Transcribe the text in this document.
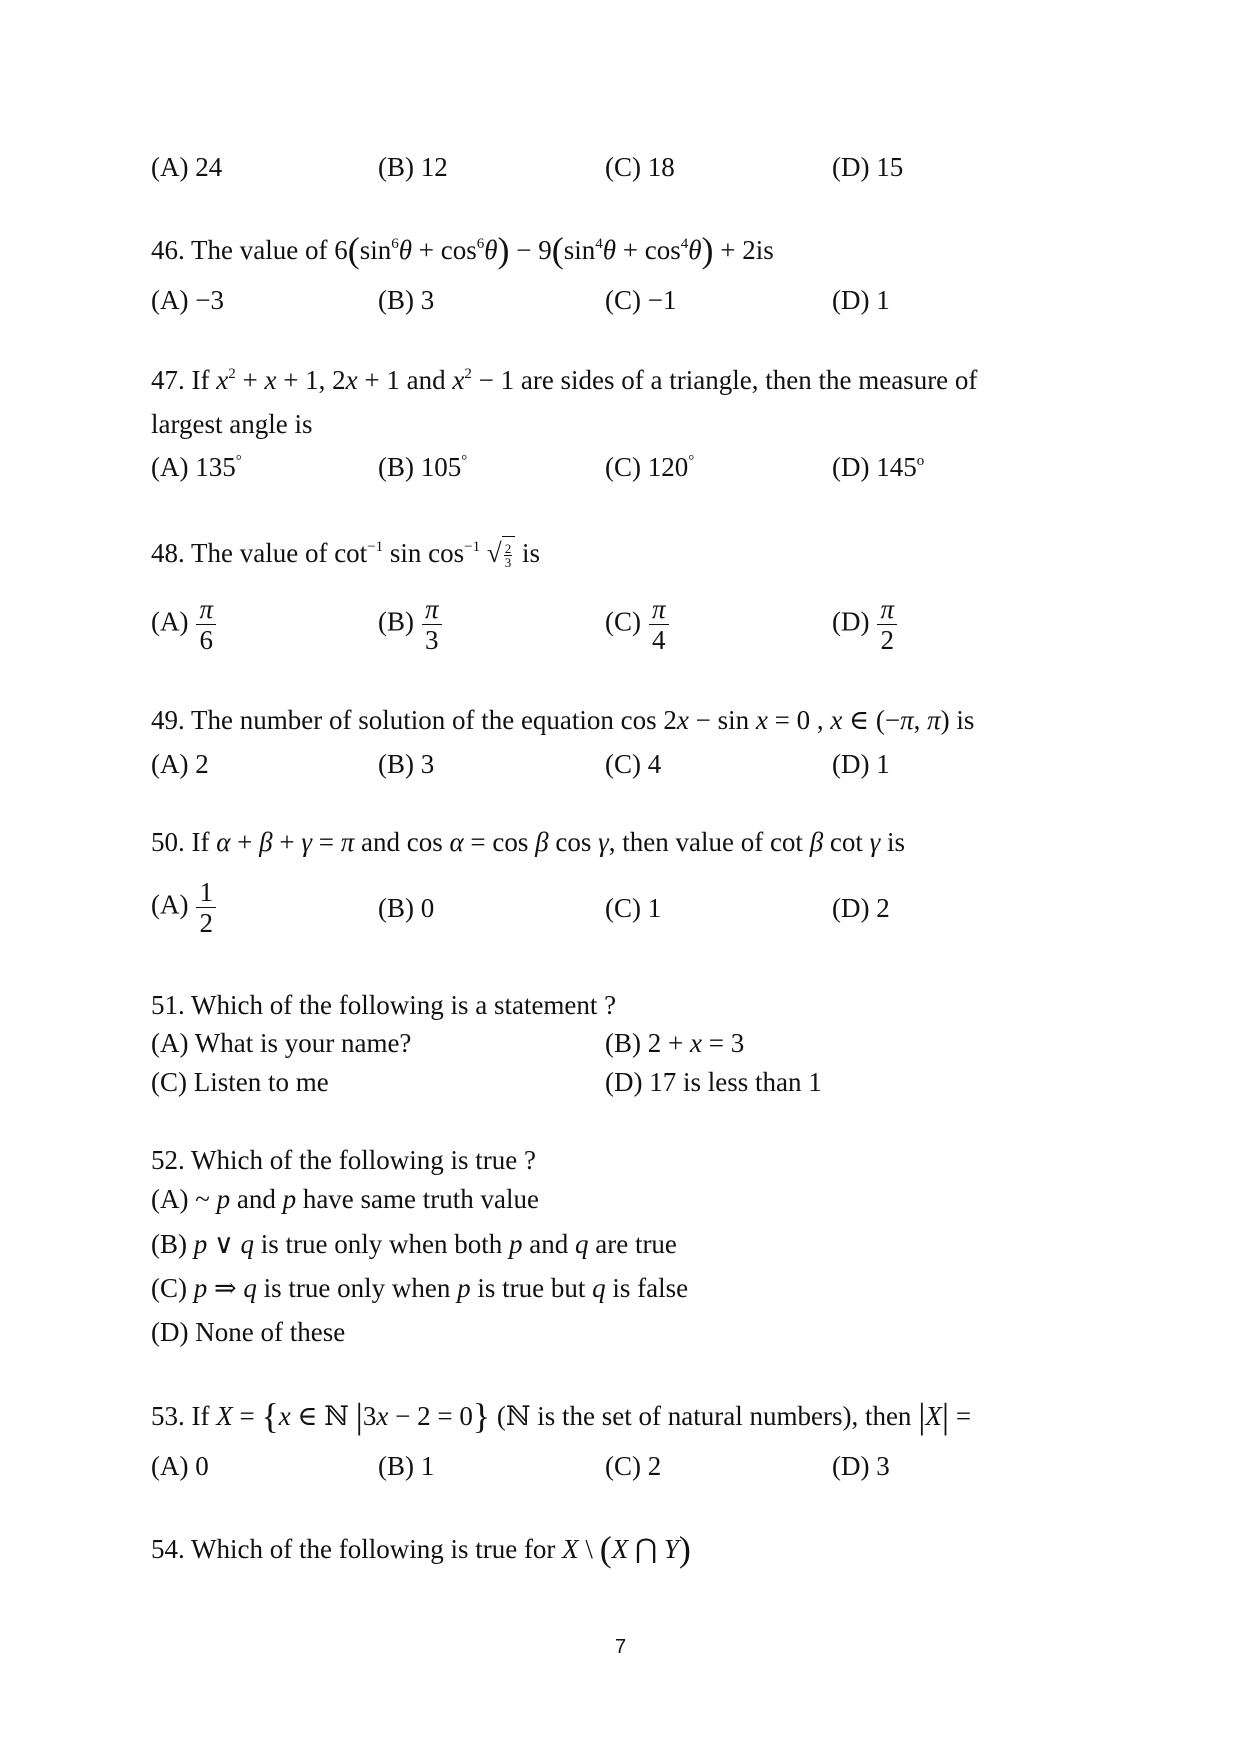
(A) 24	(B) 12	(C) 18	(D) 15
46. The value of $6(\sin^6\theta + \cos^6\theta) - 9(\sin^4\theta + \cos^4\theta) + 2is$
(A) −3	(B) 3	(C) −1	(D) 1
47. If $x^2 + x + 1$, 2x + 1 and $x^2 - 1$ are sides of a triangle, then the measure of
largest angle is
(A) 135°	(B) 105°	(C) 120°	(D) 145$^o$
48. The value of $\cot^{-1} \sin \cos^{-1}$ √ $\frac{2}{3}$ is
$(A) \frac{\pi}{6}$	$(B) \frac{\pi}{3}$	$(C) \frac{\pi}{4}$	$(D) \frac{\pi}{2}$
49. The number of solution of the equation cos 2x − sin x = 0 , x ∈ (−π, π) is
(A) 2	(B) 3	(C) 4	(D) 1
50. If α + β + γ = π and cos α = cos β cos γ, then value of cot β cot γ is
$(A) \frac{1}{2}$	(B) 0	(C) 1	(D) 2
51. Which of the following is a statement ?
(A) What is your name?	(B) 2 + x = 3
(C) Listen to me	(D) 17 is less than 1
52. Which of the following is true ?
(A) ~ p and p have same truth value
(B) p ∨ q is true only when both p and q are true
(C) p ⇒ q is true only when p is true but q is false
(D) None of these
53. If X = {x ∈ ℕ |3x − 2 = 0} (ℕ is the set of natural numbers), then |X| =
(A) 0	(B) 1	(C) 2	(D) 3
54. Which of the following is true for X \ (X ⋂ Y)
7
